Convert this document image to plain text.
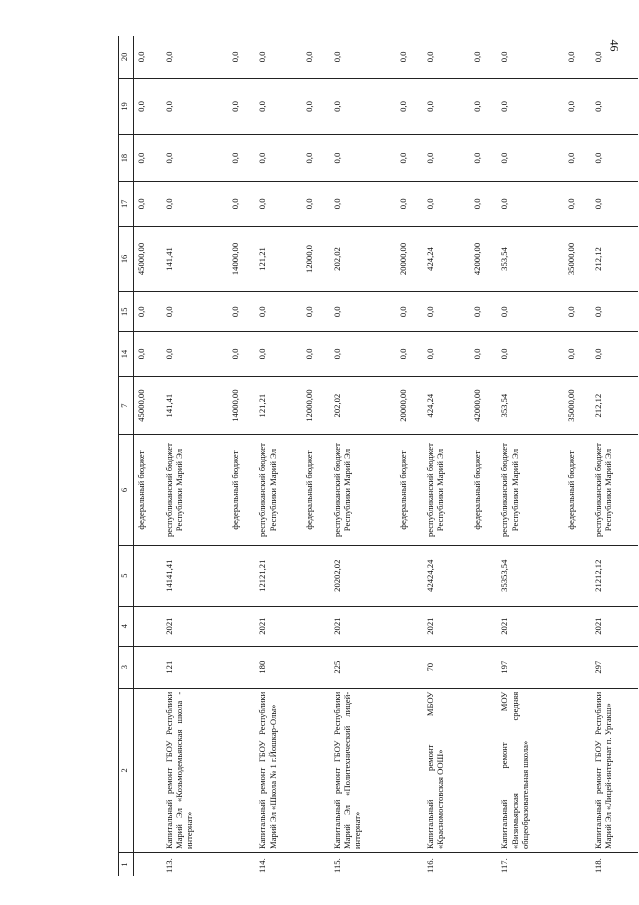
46
1	2	3	4	5	6	7	14	15	16	17	18	19	20
					федеральный бюджет	45000,00	0,0	0,0	45000,00	0,0	0,0	0,0	0,0
113.	Капитальный ремонт ГБОУ Республики Марий Эл «Козьмодемьянская школа - интернат»	121	2021	14141,41	республиканский бюджет Республики Марий Эл	141,41	0,0	0,0	141,41	0,0	0,0	0,0	0,0
					федеральный бюджет	14000,00	0,0	0,0	14000,00	0,0	0,0	0,0	0,0
114.	Капитальный ремонт ГБОУ Республики Марий Эл «Школа № 1 г.Йошкар-Олы»	180	2021	12121,21	республиканский бюджет Республики Марий Эл	121,21	0,0	0,0	121,21	0,0	0,0	0,0	0,0
					федеральный бюджет	12000,00	0,0	0,0	12000,0	0,0	0,0	0,0	0,0
115.	Капитальный ремонт ГБОУ Республики Марий Эл «Политехнический лицей-интернат»	225	2021	20202,02	республиканский бюджет Республики Марий Эл	202,02	0,0	0,0	202,02	0,0	0,0	0,0	0,0
					федеральный бюджет	20000,00	0,0	0,0	20000,00	0,0	0,0	0,0	0,0
116.	Капитальный ремонт МБОУ «Красномостовская ООШ»	70	2021	42424,24	республиканский бюджет Республики Марий Эл	424,24	0,0	0,0	424,24	0,0	0,0	0,0	0,0
					федеральный бюджет	42000,00	0,0	0,0	42000,00	0,0	0,0	0,0	0,0
117.	Капитальный ремонт МОУ «Визимьярская средняя общеобразовательная школа»	197	2021	35353,54	республиканский бюджет Республики Марий Эл	353,54	0,0	0,0	353,54	0,0	0,0	0,0	0,0
					федеральный бюджет	35000,00	0,0	0,0	35000,00	0,0	0,0	0,0	0,0
118.	Капитальный ремонт ГБОУ Республики Марий Эл «Лицей-интернат п. Ургакш»	297	2021	21212,12	республиканский бюджет Республики Марий Эл	212,12	0,0	0,0	212,12	0,0	0,0	0,0	0,0
